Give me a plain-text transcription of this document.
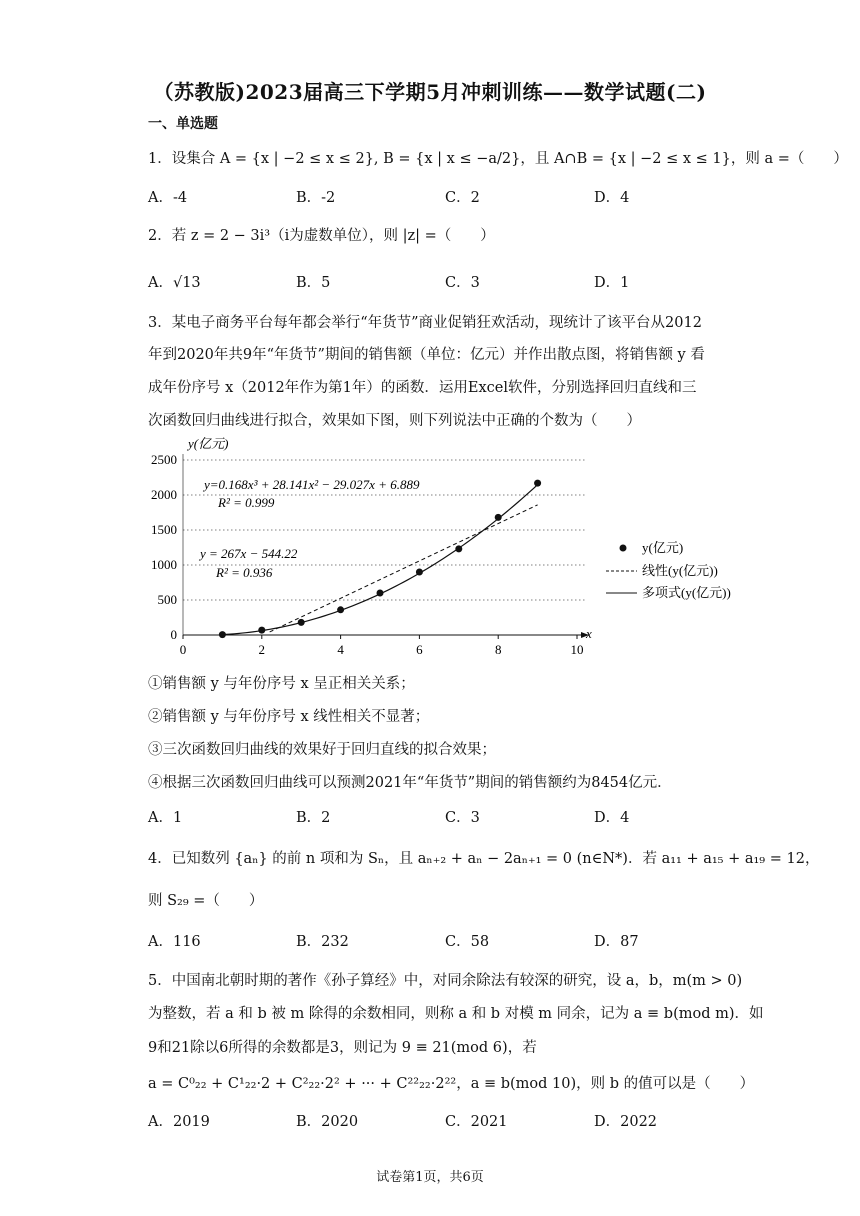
（苏教版)2023届高三下学期5月冲刺训练——数学试题(二)
一、单选题
1．设集合 A = {x | −2 ≤ x ≤ 2}, B = {x | x ≤ −a/2}，且 A∩B = {x | −2 ≤ x ≤ 1}，则 a =（　　）
A．-4	B．-2	C．2	D．4
2．若 z = 2 − 3i³（i为虚数单位），则 |z| =（　　）
A．√13	B．5	C．3	D．1
3．某电子商务平台每年都会举行“年货节”商业促销狂欢活动，现统计了该平台从2012
年到2020年共9年“年货节”期间的销售额（单位：亿元）并作出散点图，将销售额 y 看
成年份序号 x（2012年作为第1年）的函数．运用Excel软件，分别选择回归直线和三
次函数回归曲线进行拟合，效果如下图，则下列说法中正确的个数为（　　）
0
500
1000
1500
2000
2500
0	2	4	6	8	10
y(亿元)
x
y=0.168x³ + 28.141x² − 29.027x + 6.889
R² = 0.999
y = 267x − 544.22
R² = 0.936
y(亿元)
线性(y(亿元))
多项式(y(亿元))
①销售额 y 与年份序号 x 呈正相关关系；
②销售额 y 与年份序号 x 线性相关不显著；
③三次函数回归曲线的效果好于回归直线的拟合效果；
④根据三次函数回归曲线可以预测2021年“年货节”期间的销售额约为8454亿元．
A．1	B．2	C．3	D．4
4．已知数列 {aₙ} 的前 n 项和为 Sₙ，且 aₙ₊₂ + aₙ − 2aₙ₊₁ = 0 (n∈N*)．若 a₁₁ + a₁₅ + a₁₉ = 12，
则 S₂₉ =（　　）
A．116	B．232	C．58	D．87
5．中国南北朝时期的著作《孙子算经》中，对同余除法有较深的研究，设 a，b，m(m > 0)
为整数，若 a 和 b 被 m 除得的余数相同，则称 a 和 b 对模 m 同余，记为 a ≡ b(mod m)．如
9和21除以6所得的余数都是3，则记为 9 ≡ 21(mod 6)，若
a = C⁰₂₂ + C¹₂₂·2 + C²₂₂·2² + ··· + C²²₂₂·2²²，a ≡ b(mod 10)，则 b 的值可以是（　　）
A．2019	B．2020	C．2021	D．2022
试卷第1页，共6页
